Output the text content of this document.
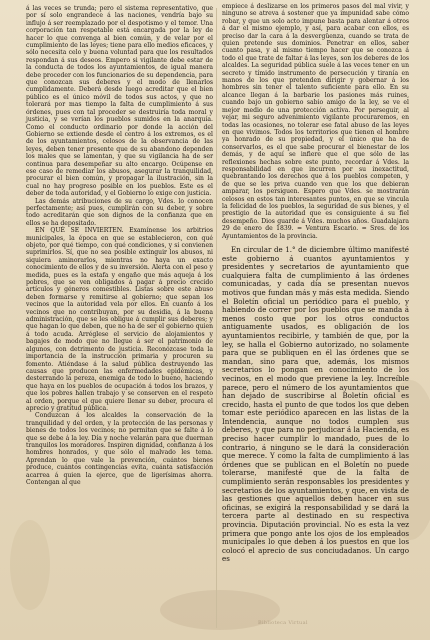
á las veces se trunda; pero el sistema representativo, que por sí solo engrandece á las naciones, vendría bajo su influjo á ser reemplazado por el despotismo y el temor. Una corporación tan respetable está encargada por la ley de hacer lo que convenga al bien común, y de velar por el cumplimiento de las leyes; tiene para ello medios eficaces, y sólo necesita celo y buena voluntad para que los resultados respondan á sus deseos. Empero si vigilante debe estar de la conducta de todos los ayuntamientos, de igual manera debe proceder con los funcionarios de su dependencia, para que conozcan sus deberes y el modo de llenarlos cumplidamente. Deberá desde luego acreditar que el bien público es el único móvil de todos sus actos, y que no tolerará por mas tiempo la falta de cumplimiento á sus órdenes, pues con tal proceder se destruiría toda moral y justicia, y se verían los pueblos sumidos en la anarquía. Como el conducto ordinario por donde la acción del Gobierno se extiende desde el centro á los extremos, es el de los ayuntamientos, celosos de la observancia de las leyes, deben tener presente que de su abandono dependen los males que se lamentan, y que su vigilancia ha de ser continua para desempeñar su alto encargo. Ocúpense en ese caso de remediar los abusos, asegurar la tranquilidad, procurar el bien común, y propagar la ilustración, sin la cual no hay progreso posible en los pueblos. Este es el deber de toda autoridad, y el Gobierno lo exige con justicia.

Las demás atribuciones de su cargo, Vdes. lo conocen perfectamente; así pues, cumplirán con su deber, y sobre todo acreditarán que son dignos de la confianza que en ellos se ha depositado.

EN QUÉ SE INVIERTEN. Examínense los arbitrios municipales, la época en que se establecieron, con qué objeto, por qué tiempo, con qué condiciones, y si convienen suprimirlos. Sí, que no sea posible extinguir los abusos, ni siquiera aminorarlos, mientras no haya un exacto conocimiento de ellos y de su inversión. Alerta con el peso y medida, pues es la estafa y engaño que más aqueja á los pobres, que se ven obligados á pagar á precio crecido artículos y géneros comestibles. Listas sobre este abuso deben formarse y remitirse al gobierno; que sepan los vecinos que la autoridad vela por ellos. En cuanto á los vecinos que no contribuyan, por su desidia, á la buena administración, que se les obligue á cumplir sus deberes; y que hagan lo que deben, que no ha de ser el gobierno quien á todo acuda. Arréglese el servicio de alojamientos y bagajes de modo que no llegue á ser el patrimonio de algunos, con detrimento de justicia. Reconózcase toda la importancia de la instrucción primaria y procuren su fomento. Atiéndase á la salud pública destruyendo las causas que producen las enfermedades epidémicas, y desterrando la pereza, enemiga de todo lo bueno, haciendo que haya en los pueblos de ocupación á todos los brazos, y que los pobres hallen trabajo y se conserven en el respeto al orden, porque el que quiere llenar su deber, procura el aprecio y gratitud pública.

Conduzcan á los alcaldes la conservación de la tranquilidad y del orden, y la protección de las personas y bienes de todos los vecinos; no permitan que se falte á lo que se debe á la ley. Día y noche velarán para que duerman tranquilos los moradores. Inspiren dignidad, confianza á los hombres honrados, y que sólo el malvado les tema. Aprendan lo que vale la prevención, cuántos bienes produce, cuántos contingencias evita, cuánta satisfacción acarrea á quien la ejerce, que de ligerísimas ahorra. Contengan al que

empiece á deslizarse en los primeros pasos del mal vivir, y ninguno se atreva á sostener que ya impunidad sabe cómo robar, y que un solo acto impune basta para alentar á otros á dar el mismo ejemplo, y así, para acabar con ellos, es preciso dar la cara á la desvergüenza, cuando se trata de quien pretende sus dominios. Penetrar en ellos, saber cuanto pasa, y al mismo tiempo hacer que se conozca á todo el que trate de faltar á las leyes, son los deberes de los alcaldes. La seguridad pública suele á las veces tener en un secreto y tímido instrumento de persecución y tiranía en manos de los que pretenden dirigir y gobernar á los hombres sin tener el talento suficiente para ello. En su alcance llegan á la barbarie los pasiones más ruines, cuando bajo un gobierno sabio amigo de la ley, se ve el mejor medio de una protección activa. Por perseguir, al vejar, mi seguro advenimiento vigilante procuraremos, en todas las ocasiones, no tolerar ese fatal abuso de las leyes en que vivimos. Todos los territorios que tienen el hombre ya honrado de su propiedad, y el único que ha de conservarlos, es el que sabe procurar el bienestar de los demás, y de aquí se infiere que el que sólo de las reflexiones hechas sobre este punto, recordar á Vdes. la responsabilidad en que incurren por su inexactitud, quebrantando los derechos que á los pueblos competen, y de que se les priva cuando ven que los que debieran amparar, los persiguen. Espero que Vdes. se mostrarán celosos en estos tan interesantes puntos, en que se vincula la felicidad de los pueblos, la seguridad de sus bienes, y el prestigio de la autoridad que es consiguiente á su fiel desempeño. Dios guarde á Vdes. muchos años. Guadalajara 29 de enero de 1839. = Ventura Escario. = Sres. de los Ayuntamientos de la provincia.

En circular de 1.° de diciembre último manifesté este gobierno á cuantos ayuntamientos y presidentes y secretarios de ayuntamiento que cualquiera falta de cumplimiento á las órdenes comunicadas, y cada día se presentan nuevos motivos que fundan más y más esta medida. Siendo el Boletín oficial un periódico para el pueblo, y habiendo de correr por los pueblos que se manda á menos costo que por los otros conductos antiguamente usados, es obligación de los ayuntamientos recibirle, y también de que, por la ley, se halla el Gobierno autorizado, no solamente para que se publiquen en él las órdenes que se mandan, sino para que, además, los mismos secretarios lo pongan en conocimiento de los vecinos, en el modo que previene la ley. Increíble parece, pero el número de los ayuntamientos que han dejado de suscribirse al Boletín oficial es crecido, hasta el punto de que todos los que deben tomar este periódico aparecen en las listas de la Intendencia, aunque no todos cumplen sus deberes, y que para no perjudicar á la Hacienda, es preciso hacer cumplir lo mandado, pues de lo contrario, á ninguno se le dará la consideración que merece. Y como la falta de cumplimiento á las órdenes que se publican en el Boletín no puede tolerarse, manifesté que de la falta de cumplimiento serán responsables los presidentes y secretarios de los ayuntamientos, y que, en vista de las gestiones que aquellos deben hacer en sus oficinas, se exigirá la responsabilidad y se dará la tercera parte al destinado en su respectiva provincia. Diputación provincial. No es esta la vez primera que pongo ante los ojos de los empleados municipales lo que deben á los puestos en que los colocó el aprecio de sus conciudadanos. Un cargo es

Biblioteca Virtual
